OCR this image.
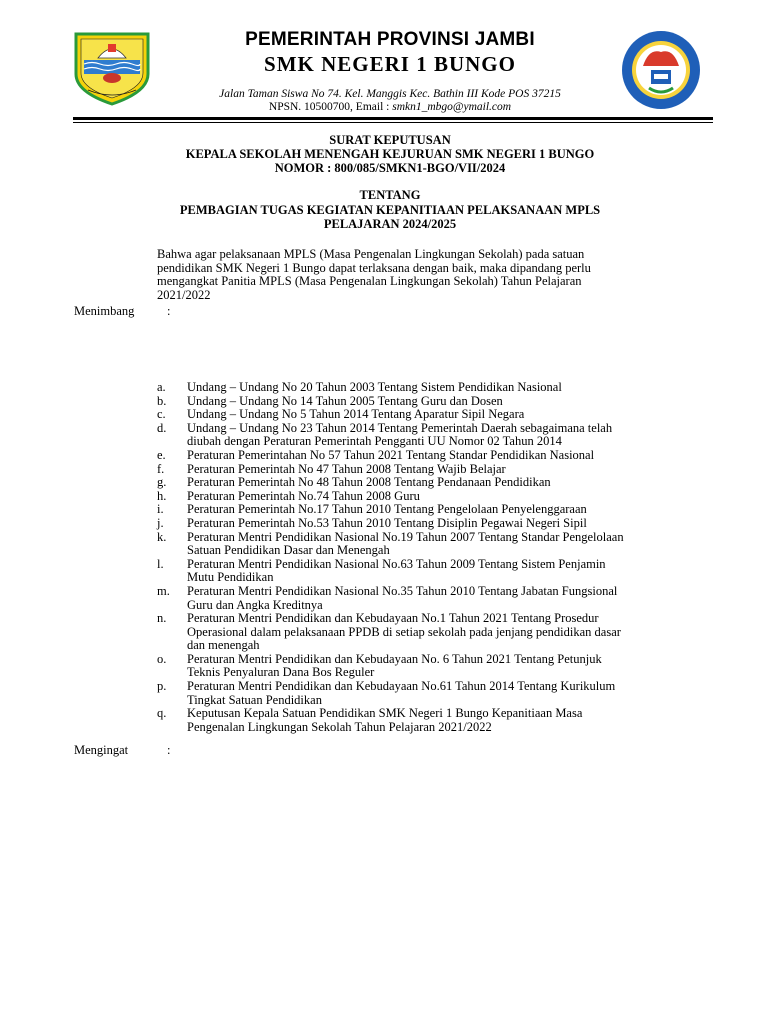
PEMERINTAH PROVINSI JAMBI
SMK NEGERI 1 BUNGO
Jalan Taman Siswa No 74. Kel. Manggis Kec. Bathin III Kode POS 37215
NPSN. 10500700, Email : smkn1_mbgo@ymail.com
SURAT KEPUTUSAN
KEPALA SEKOLAH MENENGAH KEJURUAN SMK NEGERI 1 BUNGO
NOMOR : 800/085/SMKN1-BGO/VII/2024
TENTANG
PEMBAGIAN TUGAS KEGIATAN KEPANITIAAN PELAKSANAAN MPLS
PELAJARAN 2024/2025
Bahwa agar pelaksanaan MPLS (Masa Pengenalan Lingkungan Sekolah) pada satuan
pendidikan SMK Negeri 1 Bungo dapat terlaksana dengan baik, maka dipandang perlu
mengangkat Panitia MPLS (Masa Pengenalan Lingkungan Sekolah) Tahun Pelajaran
2021/2022
Menimbang	:
a.	Undang – Undang No 20 Tahun 2003 Tentang Sistem Pendidikan Nasional
b.	Undang – Undang No 14 Tahun 2005 Tentang Guru dan Dosen
c.	Undang – Undang No 5 Tahun 2014 Tentang Aparatur Sipil Negara
d.	Undang – Undang No 23 Tahun 2014 Tentang Pemerintah Daerah sebagaimana telah
diubah dengan Peraturan Pemerintah Pengganti UU Nomor 02 Tahun 2014
e.	Peraturan Pemerintahan No 57 Tahun 2021 Tentang Standar Pendidikan Nasional
f.	Peraturan Pemerintah No 47 Tahun 2008 Tentang Wajib Belajar
g.	Peraturan Pemerintah No 48 Tahun 2008 Tentang Pendanaan Pendidikan
h.	Peraturan Pemerintah No.74 Tahun 2008 Guru
i.	Peraturan Pemerintah No.17 Tahun 2010 Tentang Pengelolaan Penyelenggaraan
j.	Peraturan Pemerintah No.53 Tahun 2010 Tentang Disiplin Pegawai Negeri Sipil
k.	Peraturan Mentri Pendidikan Nasional No.19 Tahun 2007 Tentang Standar Pengelolaan
Satuan Pendidikan Dasar dan Menengah
l.	Peraturan Mentri Pendidikan Nasional No.63 Tahun 2009 Tentang Sistem Penjamin
Mutu Pendidikan
m.	Peraturan Mentri Pendidikan Nasional No.35 Tahun 2010 Tentang Jabatan Fungsional
Guru dan Angka Kreditnya
n.	Peraturan Mentri Pendidikan dan Kebudayaan No.1 Tahun 2021 Tentang Prosedur
Operasional dalam pelaksanaan PPDB di setiap sekolah pada jenjang pendidikan dasar
dan menengah
o.	Peraturan Mentri Pendidikan dan Kebudayaan No. 6 Tahun 2021 Tentang Petunjuk
Teknis Penyaluran Dana Bos Reguler
p.	Peraturan Mentri Pendidikan dan Kebudayaan No.61 Tahun 2014 Tentang Kurikulum
Tingkat Satuan Pendidikan
q.	Keputusan Kepala Satuan Pendidikan SMK Negeri 1 Bungo Kepanitiaan Masa
Pengenalan Lingkungan Sekolah Tahun Pelajaran 2021/2022
Mengingat	:
